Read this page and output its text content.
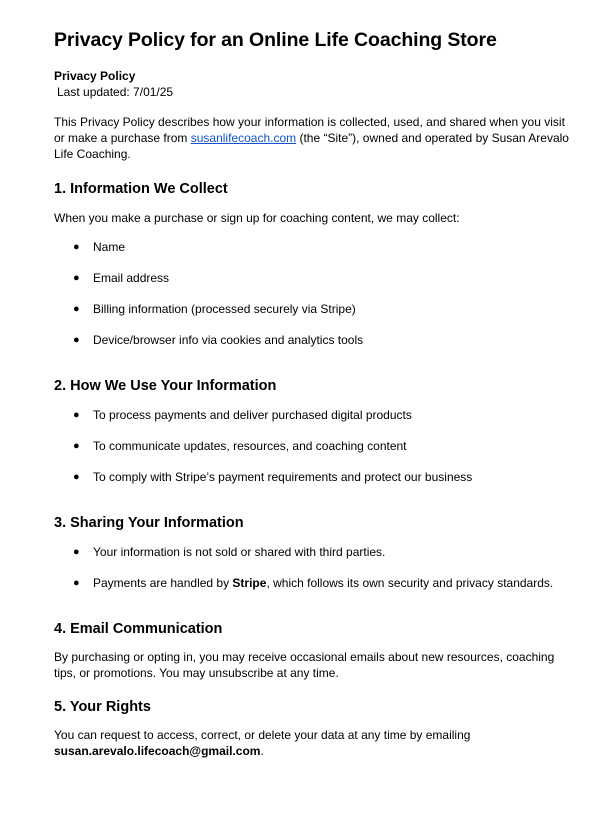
Privacy Policy for an Online Life Coaching Store
Privacy Policy
Last updated: 7/01/25

This Privacy Policy describes how your information is collected, used, and shared when you visit or make a purchase from susanlifecoach.com (the “Site”), owned and operated by Susan Arevalo Life Coaching.

1. Information We Collect

When you make a purchase or sign up for coaching content, we may collect:

● Name
● Email address
● Billing information (processed securely via Stripe)
● Device/browser info via cookies and analytics tools
2. How We Use Your Information
● To process payments and deliver purchased digital products
● To communicate updates, resources, and coaching content
● To comply with Stripe’s payment requirements and protect our business
3. Sharing Your Information
● Your information is not sold or shared with third parties.
● Payments are handled by Stripe, which follows its own security and privacy standards.
4. Email Communication

By purchasing or opting in, you may receive occasional emails about new resources, coaching tips, or promotions. You may unsubscribe at any time.

5. Your Rights

You can request to access, correct, or delete your data at any time by emailing susan.arevalo.lifecoach@gmail.com.
